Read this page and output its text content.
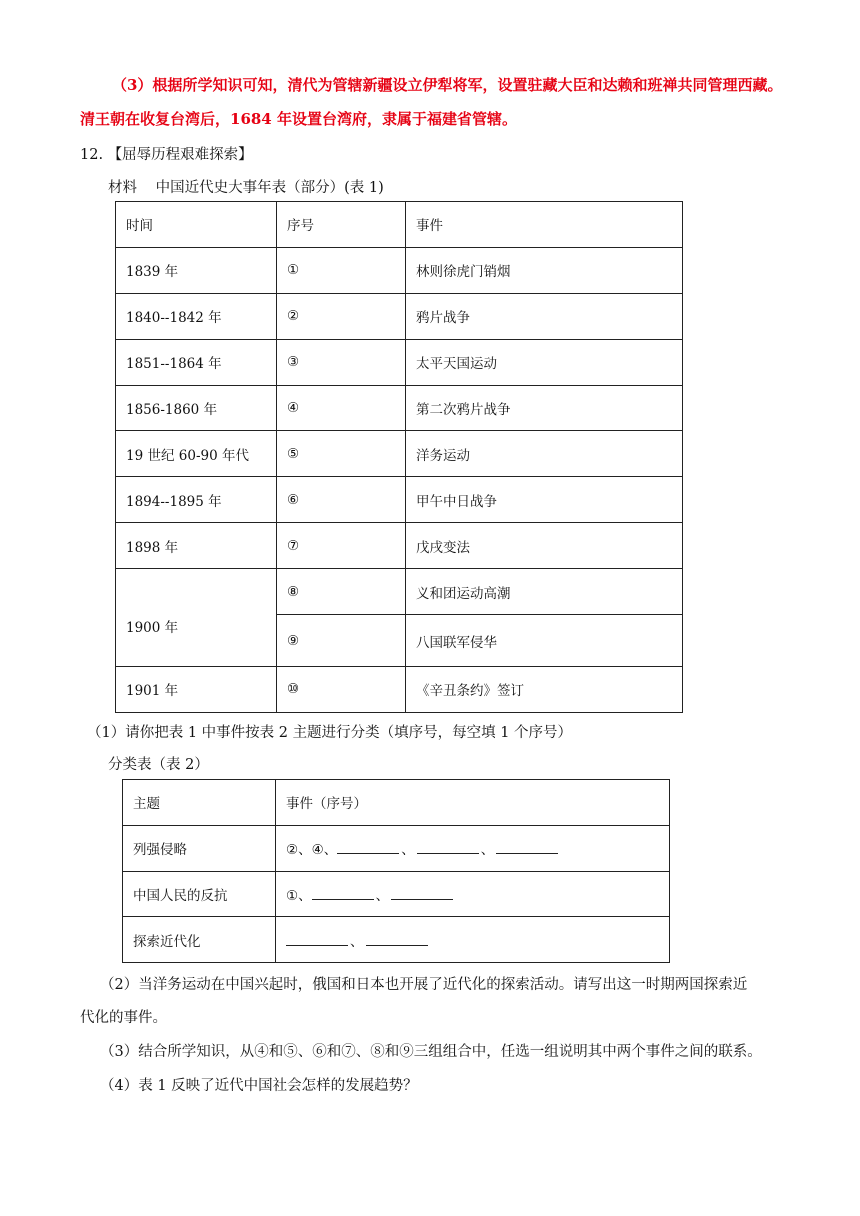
（3）根据所学知识可知，清代为管辖新疆设立伊犁将军，设置驻藏大臣和达赖和班禅共同管理西藏。
清王朝在收复台湾后，1684 年设置台湾府，隶属于福建省管辖。
12. 【屈辱历程艰难探索】
材料 中国近代史大事年表（部分）(表 1)
时间	序号	事件
1839 年	①	林则徐虎门销烟
1840--1842 年	②	鸦片战争
1851--1864 年	③	太平天国运动
1856-1860 年	④	第二次鸦片战争
19 世纪 60-90 年代	⑤	洋务运动
1894--1895 年	⑥	甲午中日战争
1898 年	⑦	戊戌变法
1900 年	⑧	义和团运动高潮
	⑨	八国联军侵华
1901 年	⑩	《辛丑条约》签订
（1）请你把表 1 中事件按表 2 主题进行分类（填序号，每空填 1 个序号）
分类表（表 2）
主题	事件（序号）
列强侵略	②、④、 、 、
中国人民的反抗	①、 、
探索近代化	、
（2）当洋务运动在中国兴起时，俄国和日本也开展了近代化的探索活动。请写出这一时期两国探索近
代化的事件。
（3）结合所学知识，从④和⑤、⑥和⑦、⑧和⑨三组组合中，任选一组说明其中两个事件之间的联系。
（4）表 1 反映了近代中国社会怎样的发展趋势？
